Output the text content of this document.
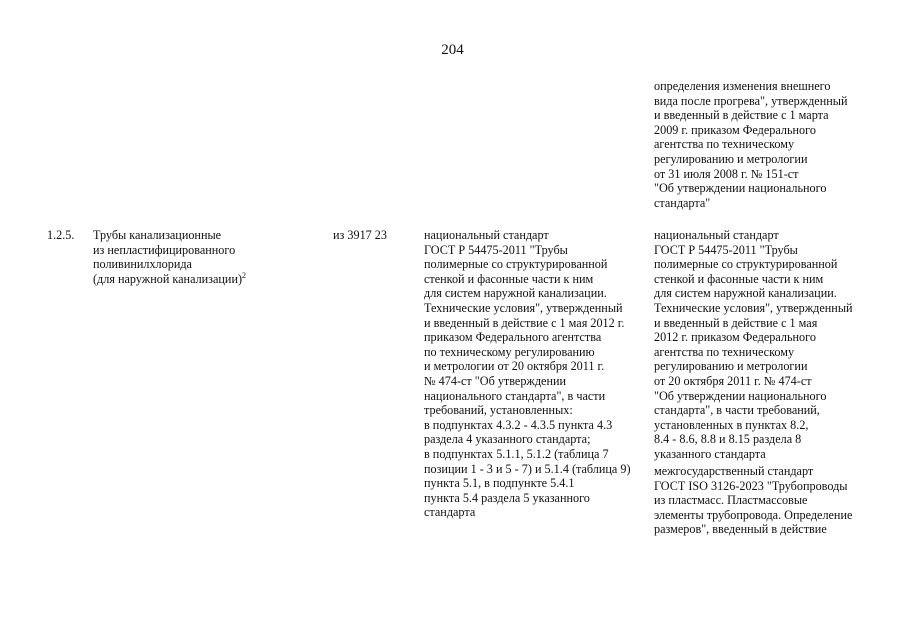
204
определения изменения внешнего
вида после прогрева", утвержденный
и введенный в действие с 1 марта
2009 г. приказом Федерального
агентства по техническому
регулированию и метрологии
от 31 июля 2008 г. № 151-ст
"Об утверждении национального
стандарта"
1.2.5. Трубы канализационные
из непластифицированного
поливинилхлорида
(для наружной канализации)$^2$
из 3917 23	национальный стандарт
ГОСТ Р 54475-2011 "Трубы
полимерные со структурированной
стенкой и фасонные части к ним
для систем наружной канализации.
Технические условия", утвержденный
и введенный в действие с 1 мая 2012 г.
приказом Федерального агентства
по техническому регулированию
и метрологии от 20 октября 2011 г.
№ 474-ст "Об утверждении
национального стандарта", в части
требований, установленных:
в подпунктах 4.3.2 - 4.3.5 пункта 4.3
раздела 4 указанного стандарта;
в подпунктах 5.1.1, 5.1.2 (таблица 7
позиции 1 - 3 и 5 - 7) и 5.1.4 (таблица 9)
пункта 5.1, в подпункте 5.4.1
пункта 5.4 раздела 5 указанного
стандарта
национальный стандарт
ГОСТ Р 54475-2011 "Трубы
полимерные со структурированной
стенкой и фасонные части к ним
для систем наружной канализации.
Технические условия", утвержденный
и введенный в действие с 1 мая
2012 г. приказом Федерального
агентства по техническому
регулированию и метрологии
от 20 октября 2011 г. № 474-ст
"Об утверждении национального
стандарта", в части требований,
установленных в пунктах 8.2,
8.4 - 8.6, 8.8 и 8.15 раздела 8
указанного стандарта
межгосударственный стандарт
ГОСТ ISO 3126-2023 "Трубопроводы
из пластмасс. Пластмассовые
элементы трубопровода. Определение
размеров", введенный в действие
